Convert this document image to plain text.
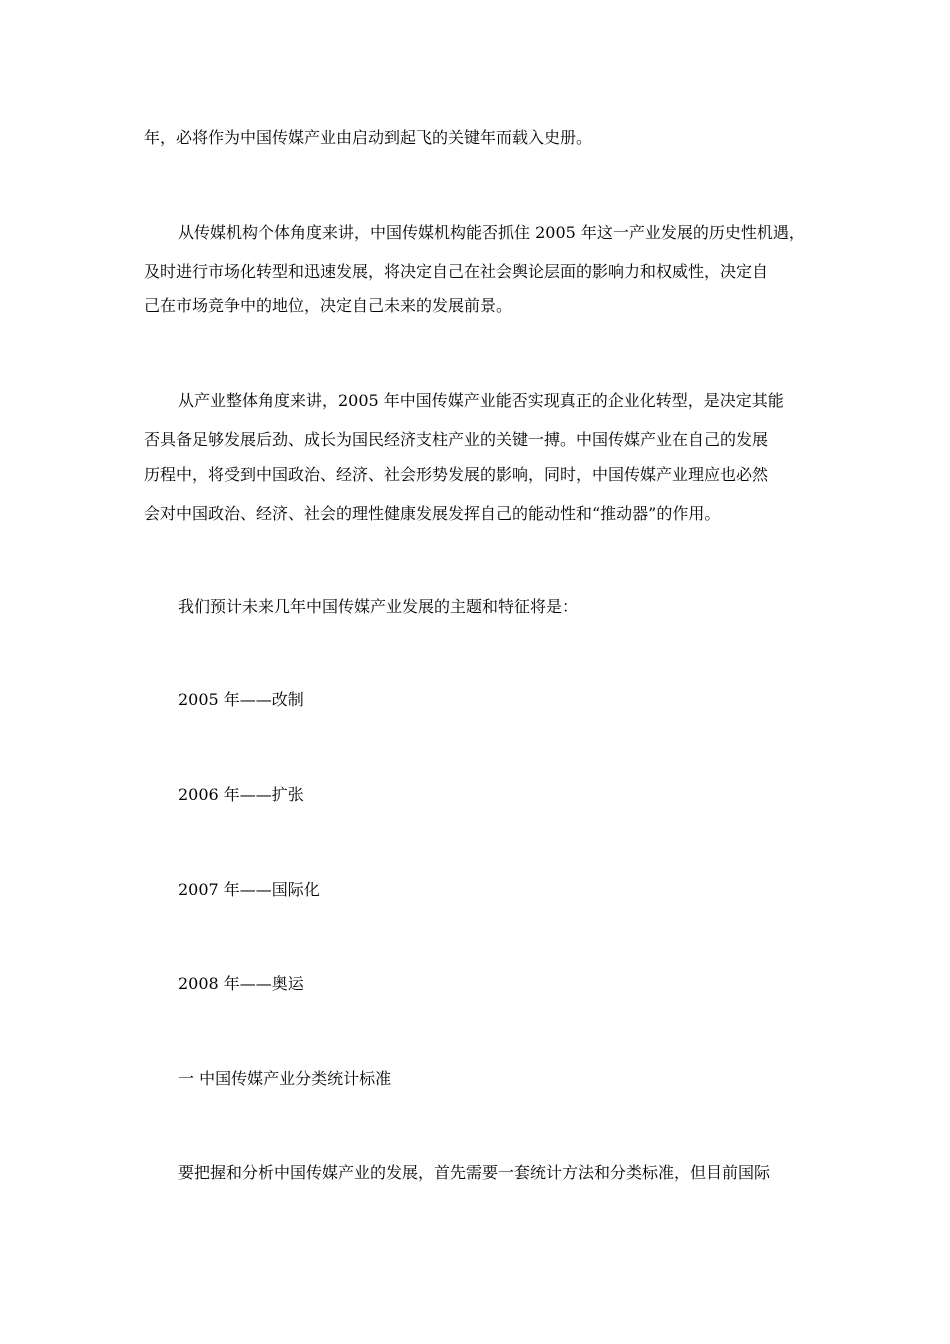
年，必将作为中国传媒产业由启动到起飞的关键年而载入史册。
从传媒机构个体角度来讲，中国传媒机构能否抓住 2005 年这一产业发展的历史性机遇，
及时进行市场化转型和迅速发展，将决定自己在社会舆论层面的影响力和权威性，决定自
己在市场竞争中的地位，决定自己未来的发展前景。
从产业整体角度来讲，2005 年中国传媒产业能否实现真正的企业化转型，是决定其能
否具备足够发展后劲、成长为国民经济支柱产业的关键一搏。中国传媒产业在自己的发展
历程中，将受到中国政治、经济、社会形势发展的影响，同时，中国传媒产业理应也必然
会对中国政治、经济、社会的理性健康发展发挥自己的能动性和“推动器”的作用。
我们预计未来几年中国传媒产业发展的主题和特征将是：
2005 年——改制
2006 年——扩张
2007 年——国际化
2008 年——奥运
一 中国传媒产业分类统计标准
要把握和分析中国传媒产业的发展，首先需要一套统计方法和分类标准，但目前国际
